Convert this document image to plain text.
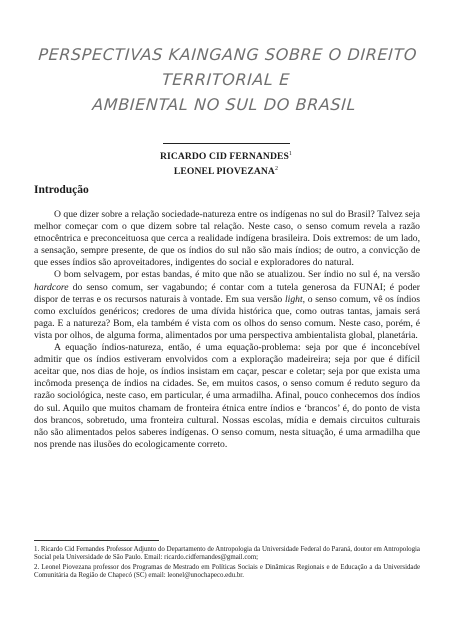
PERSPECTIVAS KAINGANG SOBRE O DIREITO TERRITORIAL E
AMBIENTAL NO SUL DO BRASIL
RICARDO CID FERNANDES$^1$
LEONEL PIOVEZANA$^2$
Introdução

O que dizer sobre a relação sociedade-natureza entre os indígenas no sul do Brasil? Talvez seja melhor começar com o que dizem sobre tal relação. Neste caso, o senso comum revela a razão etnocêntrica e preconceituosa que cerca a realidade indígena brasileira. Dois extremos: de um lado, a sensação, sempre presente, de que os índios do sul não são mais índios; de outro, a convicção de que esses índios são aproveitadores, indigentes do social e exploradores do natural.

O bom selvagem, por estas bandas, é mito que não se atualizou. Ser índio no sul é, na versão hardcore do senso comum, ser vagabundo; é contar com a tutela generosa da FUNAI; é poder dispor de terras e os recursos naturais à vontade. Em sua versão light, o senso comum, vê os índios como excluídos genéricos; credores de uma dívida histórica que, como outras tantas, jamais será paga. E a natureza? Bom, ela também é vista com os olhos do senso comum. Neste caso, porém, é vista por olhos, de alguma forma, alimentados por uma perspectiva ambientalista global, planetária.

A equação índios-natureza, então, é uma equação-problema: seja por que é inconcebível admitir que os índios estiveram envolvidos com a exploração madeireira; seja por que é difícil aceitar que, nos dias de hoje, os índios insistam em caçar, pescar e coletar; seja por que exista uma incômoda presença de índios na cidades. Se, em muitos casos, o senso comum é reduto seguro da razão sociológica, neste caso, em particular, é uma armadilha. Afinal, pouco conhecemos dos índios do sul. Aquilo que muitos chamam de fronteira étnica entre índios e ‘brancos’ é, do ponto de vista dos brancos, sobretudo, uma fronteira cultural. Nossas escolas, mídia e demais circuitos culturais não são alimentados pelos saberes indígenas. O senso comum, nesta situação, é uma armadilha que nos prende nas ilusões do ecologicamente correto.

1. Ricardo Cid Fernandes Professor Adjunto do Departamento de Antropologia da Universidade Federal do Paraná, doutor em Antropologia Social pela Universidade de São Paulo. Email: ricardo.cidfernandes@gmail.com;

2. Leonel Piovezana professor dos Programas de Mestrado em Políticas Sociais e Dinâmicas Regionais e de Educação a da Universidade Comunitária da Região de Chapecó (SC) email: leonel@unochapeco.edu.br.
